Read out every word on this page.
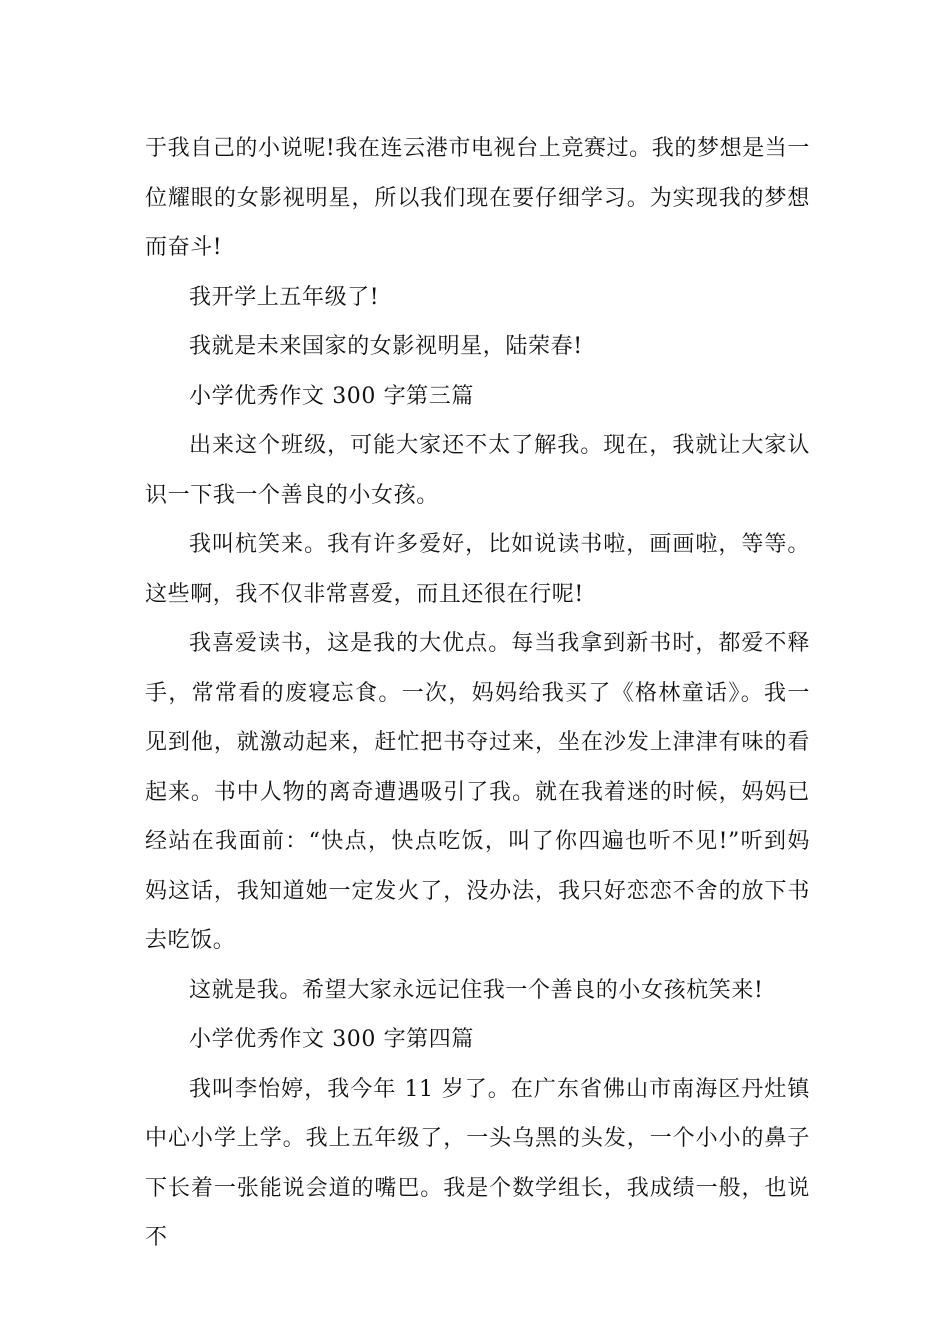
于我自己的小说呢!我在连云港市电视台上竞赛过。我的梦想是当一位耀眼的女影视明星，所以我们现在要仔细学习。为实现我的梦想而奋斗!

我开学上五年级了!

我就是未来国家的女影视明星，陆荣春!

小学优秀作文 300 字第三篇

出来这个班级，可能大家还不太了解我。现在，我就让大家认识一下我一个善良的小女孩。

我叫杭笑来。我有许多爱好，比如说读书啦，画画啦，等等。这些啊，我不仅非常喜爱，而且还很在行呢!

我喜爱读书，这是我的大优点。每当我拿到新书时，都爱不释手，常常看的废寝忘食。一次，妈妈给我买了《格林童话》。我一见到他，就激动起来，赶忙把书夺过来，坐在沙发上津津有味的看起来。书中人物的离奇遭遇吸引了我。就在我着迷的时候，妈妈已经站在我面前：“快点，快点吃饭，叫了你四遍也听不见!”听到妈妈这话，我知道她一定发火了，没办法，我只好恋恋不舍的放下书去吃饭。

这就是我。希望大家永远记住我一个善良的小女孩杭笑来!

小学优秀作文 300 字第四篇

我叫李怡婷，我今年 11 岁了。在广东省佛山市南海区丹灶镇中心小学上学。我上五年级了，一头乌黑的头发，一个小小的鼻子下长着一张能说会道的嘴巴。我是个数学组长，我成绩一般，也说不
